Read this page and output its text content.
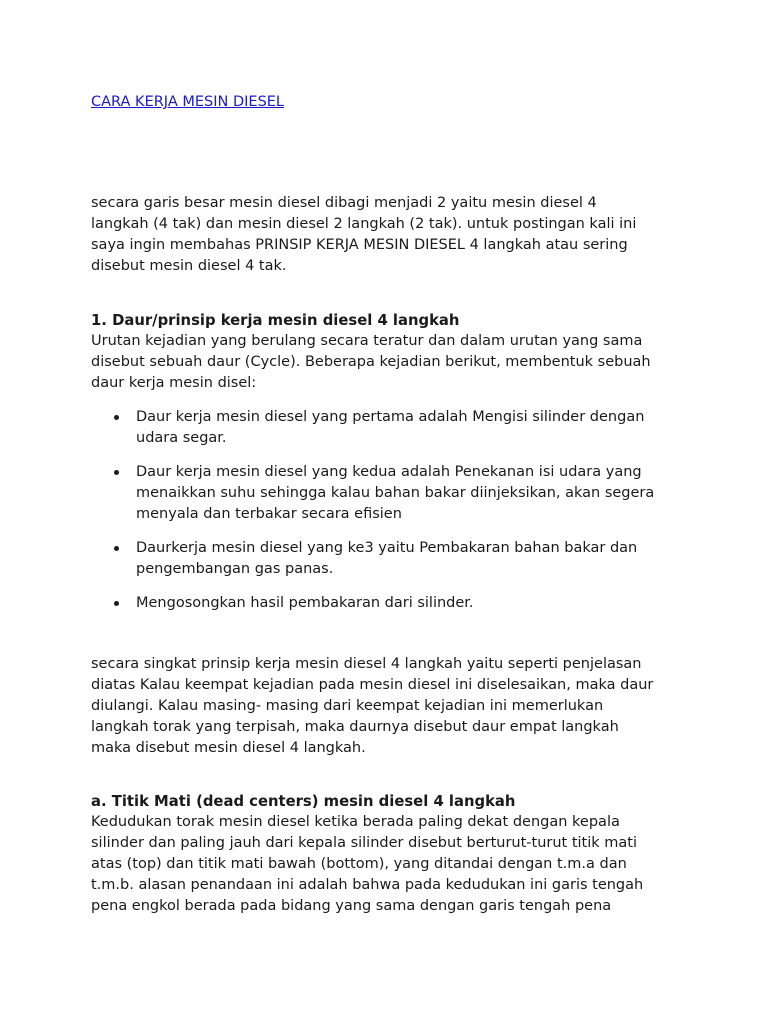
CARA KERJA MESIN DIESEL
secara garis besar mesin diesel dibagi menjadi 2 yaitu mesin diesel 4
langkah (4 tak) dan mesin diesel 2 langkah (2 tak). untuk postingan kali ini
saya ingin membahas PRINSIP KERJA MESIN DIESEL 4 langkah atau sering
disebut mesin diesel 4 tak.
1. Daur/prinsip kerja mesin diesel 4 langkah
Urutan kejadian yang berulang secara teratur dan dalam urutan yang sama
disebut sebuah daur (Cycle). Beberapa kejadian berikut, membentuk sebuah
daur kerja mesin disel:
Daur kerja mesin diesel yang pertama adalah Mengisi silinder dengan
udara segar.
Daur kerja mesin diesel yang kedua adalah Penekanan isi udara yang
menaikkan suhu sehingga kalau bahan bakar diinjeksikan, akan segera
menyala dan terbakar secara efisien
Daurkerja mesin diesel yang ke3 yaitu Pembakaran bahan bakar dan
pengembangan gas panas.
Mengosongkan hasil pembakaran dari silinder.
secara singkat prinsip kerja mesin diesel 4 langkah yaitu seperti penjelasan
diatas Kalau keempat kejadian pada mesin diesel ini diselesaikan, maka daur
diulangi. Kalau masing- masing dari keempat kejadian ini memerlukan
langkah torak yang terpisah, maka daurnya disebut daur empat langkah
maka disebut mesin diesel 4 langkah.
a. Titik Mati (dead centers) mesin diesel 4 langkah
Kedudukan torak mesin diesel ketika berada paling dekat dengan kepala
silinder dan paling jauh dari kepala silinder disebut berturut-turut titik mati
atas (top) dan titik mati bawah (bottom), yang ditandai dengan t.m.a dan
t.m.b. alasan penandaan ini adalah bahwa pada kedudukan ini garis tengah
pena engkol berada pada bidang yang sama dengan garis tengah pena
